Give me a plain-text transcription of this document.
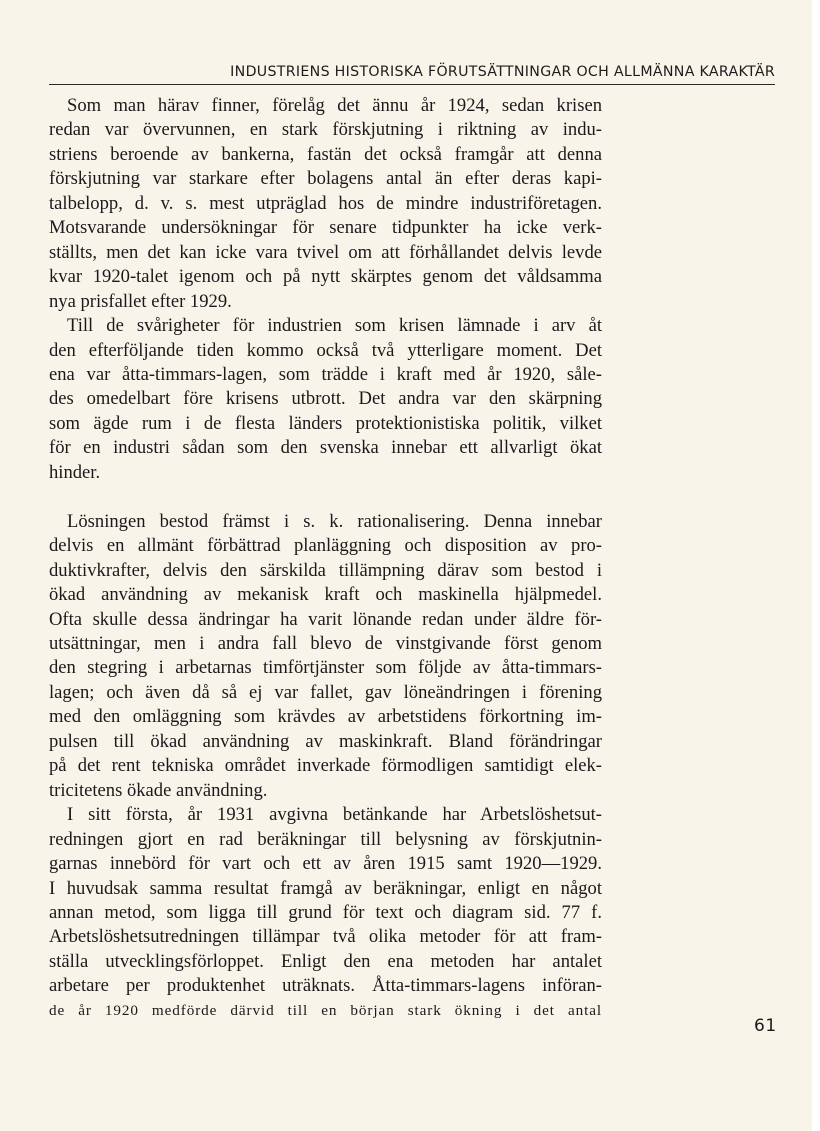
INDUSTRIENS HISTORISKA FÖRUTSÄTTNINGAR OCH ALLMÄNNA KARAKTÄR

Som man härav finner, förelåg det ännu år 1924, sedan krisen
redan var övervunnen, en stark förskjutning i riktning av indu-
striens beroende av bankerna, fastän det också framgår att denna
förskjutning var starkare efter bolagens antal än efter deras kapi-
talbelopp, d. v. s. mest utpräglad hos de mindre industriföretagen.
Motsvarande undersökningar för senare tidpunkter ha icke verk-
ställts, men det kan icke vara tvivel om att förhållandet delvis levde
kvar 1920-talet igenom och på nytt skärptes genom det våldsamma
nya prisfallet efter 1929.

Till de svårigheter för industrien som krisen lämnade i arv åt
den efterföljande tiden kommo också två ytterligare moment. Det
ena var åtta-timmars-lagen, som trädde i kraft med år 1920, såle-
des omedelbart före krisens utbrott. Det andra var den skärpning
som ägde rum i de flesta länders protektionistiska politik, vilket
för en industri sådan som den svenska innebar ett allvarligt ökat
hinder.

Lösningen bestod främst i s. k. rationalisering. Denna innebar
delvis en allmänt förbättrad planläggning och disposition av pro-
duktivkrafter, delvis den särskilda tillämpning därav som bestod i
ökad användning av mekanisk kraft och maskinella hjälpmedel.
Ofta skulle dessa ändringar ha varit lönande redan under äldre för-
utsättningar, men i andra fall blevo de vinstgivande först genom
den stegring i arbetarnas timförtjänster som följde av åtta-timmars-
lagen; och även då så ej var fallet, gav löneändringen i förening
med den omläggning som krävdes av arbetstidens förkortning im-
pulsen till ökad användning av maskinkraft. Bland förändringar
på det rent tekniska området inverkade förmodligen samtidigt elek-
tricitetens ökade användning.

I sitt första, år 1931 avgivna betänkande har Arbetslöshetsut-
redningen gjort en rad beräkningar till belysning av förskjutnin-
garnas innebörd för vart och ett av åren 1915 samt 1920—1929.
I huvudsak samma resultat framgå av beräkningar, enligt en något
annan metod, som ligga till grund för text och diagram sid. 77 f.
Arbetslöshetsutredningen tillämpar två olika metoder för att fram-
ställa utvecklingsförloppet. Enligt den ena metoden har antalet
arbetare per produktenhet uträknats. Åtta-timmars-lagens införan-
de år 1920 medförde därvid till en början stark ökning i det antal

61
